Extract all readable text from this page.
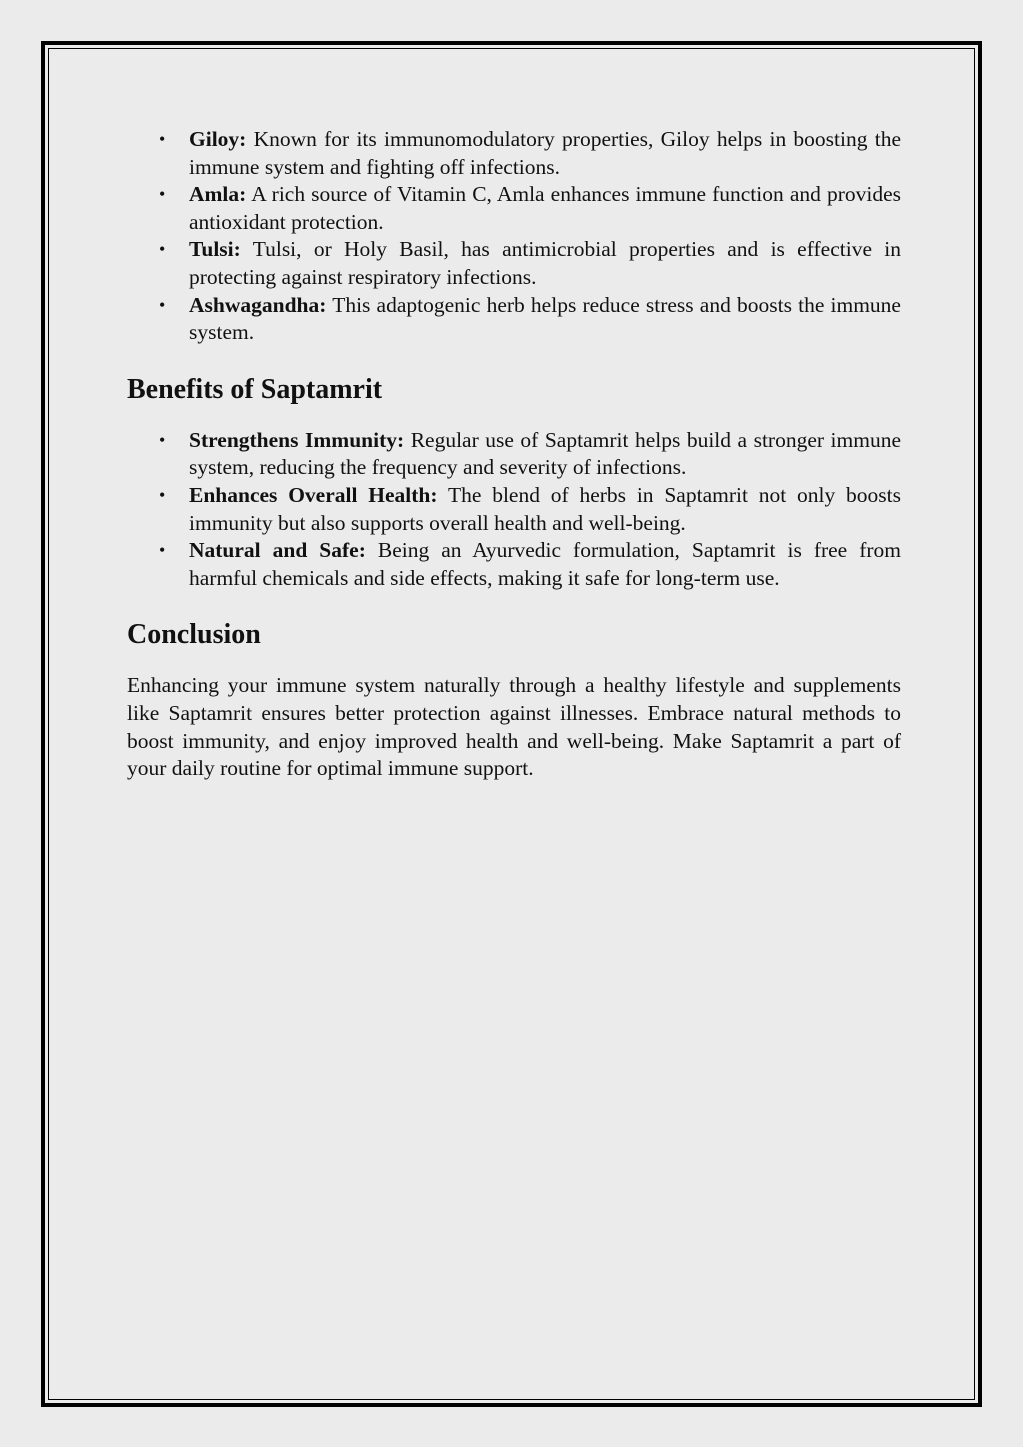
• Giloy: Known for its immunomodulatory properties, Giloy helps in boosting the immune system and fighting off infections.
• Amla: A rich source of Vitamin C, Amla enhances immune function and provides antioxidant protection.
• Tulsi: Tulsi, or Holy Basil, has antimicrobial properties and is effective in protecting against respiratory infections.
• Ashwagandha: This adaptogenic herb helps reduce stress and boosts the immune system.
Benefits of Saptamrit
• Strengthens Immunity: Regular use of Saptamrit helps build a stronger immune system, reducing the frequency and severity of infections.
• Enhances Overall Health: The blend of herbs in Saptamrit not only boosts immunity but also supports overall health and well-being.
• Natural and Safe: Being an Ayurvedic formulation, Saptamrit is free from harmful chemicals and side effects, making it safe for long-term use.
Conclusion

Enhancing your immune system naturally through a healthy lifestyle and supplements like Saptamrit ensures better protection against illnesses. Embrace natural methods to boost immunity, and enjoy improved health and well-being. Make Saptamrit a part of your daily routine for optimal immune support.
